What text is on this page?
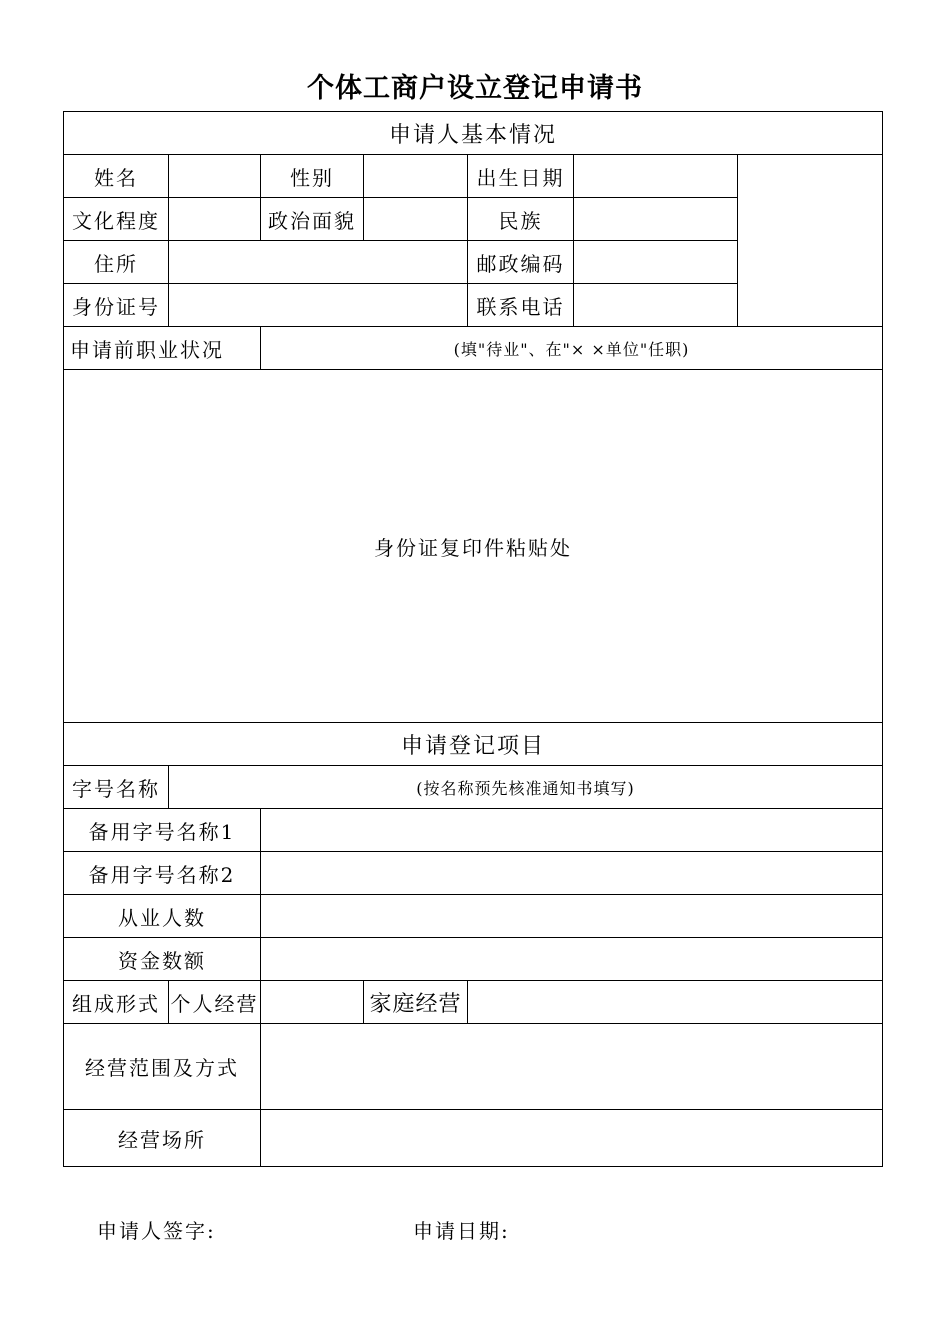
个体工商户设立登记申请书
申请人基本情况						
姓名		性别		出生日期		
文化程度		政治面貌		民族		
住所				邮政编码		
身份证号				联系电话		
申请前职业状况		(填"待业"、在"× ×单位"任职)				
身份证复印件粘贴处						
申请登记项目						
字号名称	(按名称预先核准通知书填写)					
备用字号名称1						
备用字号名称2						
从业人数						
资金数额						
组成形式	个人经营		家庭经营			
经营范围及方式						
经营场所						
申请人签字:	申请日期:
